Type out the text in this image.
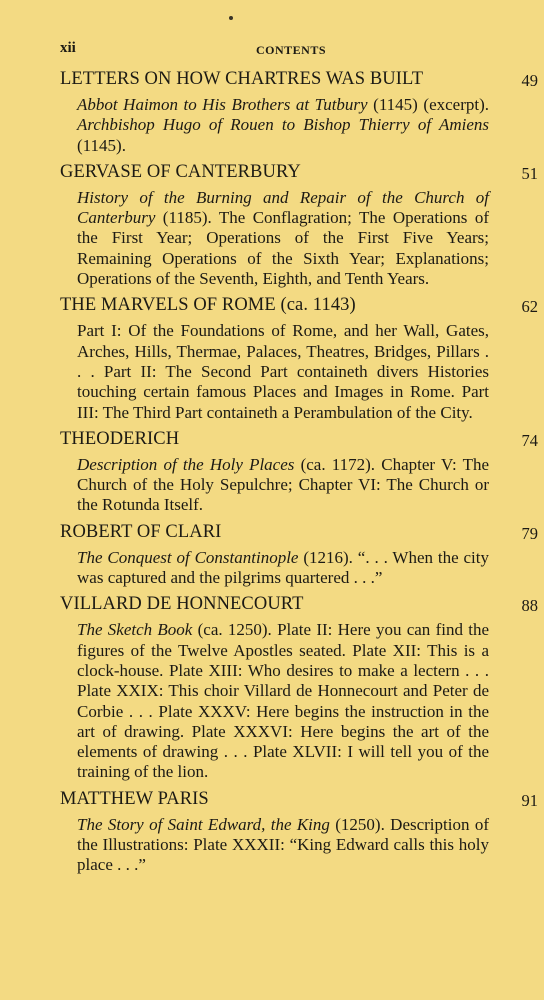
xii	CONTENTS
LETTERS ON HOW CHARTRES WAS BUILT	49
Abbot Haimon to His Brothers at Tutbury (1145) (excerpt). Archbishop Hugo of Rouen to Bishop Thierry of Amiens (1145).
GERVASE OF CANTERBURY	51
History of the Burning and Repair of the Church of Canterbury (1185). The Conflagration; The Operations of the First Year; Operations of the First Five Years; Remaining Operations of the Sixth Year; Explanations; Operations of the Seventh, Eighth, and Tenth Years.
THE MARVELS OF ROME (ca. 1143)	62
Part I: Of the Foundations of Rome, and her Wall, Gates, Arches, Hills, Thermae, Palaces, Theatres, Bridges, Pillars . . . Part II: The Second Part containeth divers Histories touching certain famous Places and Images in Rome. Part III: The Third Part containeth a Perambulation of the City.
THEODERICH	74
Description of the Holy Places (ca. 1172). Chapter V: The Church of the Holy Sepulchre; Chapter VI: The Church or the Rotunda Itself.
ROBERT OF CLARI	79
The Conquest of Constantinople (1216). “. . . When the city was captured and the pilgrims quartered . . .”
VILLARD DE HONNECOURT	88
The Sketch Book (ca. 1250). Plate II: Here you can find the figures of the Twelve Apostles seated. Plate XII: This is a clock-house. Plate XIII: Who desires to make a lectern . . . Plate XXIX: This choir Villard de Honnecourt and Peter de Corbie . . . Plate XXXV: Here begins the instruction in the art of drawing. Plate XXXVI: Here begins the art of the elements of drawing . . . Plate XLVII: I will tell you of the training of the lion.
MATTHEW PARIS	91
The Story of Saint Edward, the King (1250). Description of the Illustrations: Plate XXXII: “King Edward calls this holy place . . .”
